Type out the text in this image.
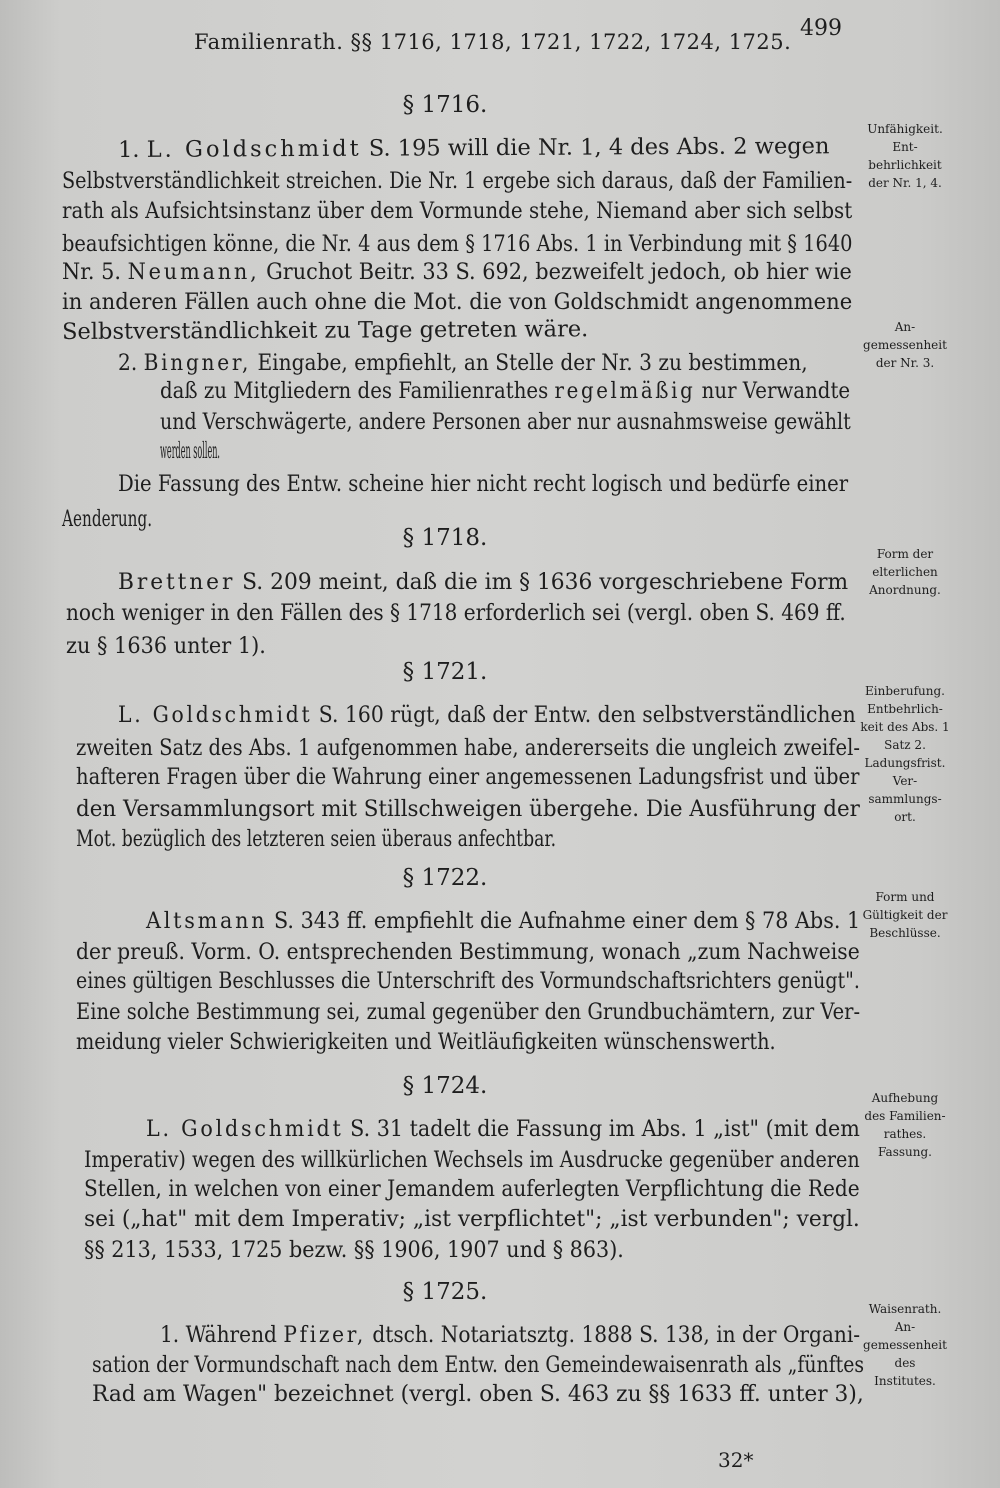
Familienrath. §§ 1716, 1718, 1721, 1722, 1724, 1725.
499
§ 1716.
1. L. Goldschmidt S. 195 will die Nr. 1, 4 des Abs. 2 wegen
Selbstverständlichkeit streichen. Die Nr. 1 ergebe sich daraus, daß der Familien-
rath als Aufsichtsinstanz über dem Vormunde stehe, Niemand aber sich selbst
beaufsichtigen könne, die Nr. 4 aus dem § 1716 Abs. 1 in Verbindung mit § 1640
Nr. 5. Neumann, Gruchot Beitr. 33 S. 692, bezweifelt jedoch, ob hier wie
in anderen Fällen auch ohne die Mot. die von Goldschmidt angenommene
Selbstverständlichkeit zu Tage getreten wäre.
2. Bingner, Eingabe, empfiehlt, an Stelle der Nr. 3 zu bestimmen,
daß zu Mitgliedern des Familienrathes regelmäßig nur Verwandte
und Verschwägerte, andere Personen aber nur ausnahmsweise gewählt
werden sollen.
Die Fassung des Entw. scheine hier nicht recht logisch und bedürfe einer
Aenderung.
§ 1718.
Brettner S. 209 meint, daß die im § 1636 vorgeschriebene Form
noch weniger in den Fällen des § 1718 erforderlich sei (vergl. oben S. 469 ff.
zu § 1636 unter 1).
§ 1721.
L. Goldschmidt S. 160 rügt, daß der Entw. den selbstverständlichen
zweiten Satz des Abs. 1 aufgenommen habe, andererseits die ungleich zweifel-
hafteren Fragen über die Wahrung einer angemessenen Ladungsfrist und über
den Versammlungsort mit Stillschweigen übergehe. Die Ausführung der
Mot. bezüglich des letzteren seien überaus anfechtbar.
§ 1722.
Altsmann S. 343 ff. empfiehlt die Aufnahme einer dem § 78 Abs. 1
der preuß. Vorm. O. entsprechenden Bestimmung, wonach „zum Nachweise
eines gültigen Beschlusses die Unterschrift des Vormundschaftsrichters genügt".
Eine solche Bestimmung sei, zumal gegenüber den Grundbuchämtern, zur Ver-
meidung vieler Schwierigkeiten und Weitläufigkeiten wünschenswerth.
§ 1724.
L. Goldschmidt S. 31 tadelt die Fassung im Abs. 1 „ist" (mit dem
Imperativ) wegen des willkürlichen Wechsels im Ausdrucke gegenüber anderen
Stellen, in welchen von einer Jemandem auferlegten Verpflichtung die Rede
sei („hat" mit dem Imperativ; „ist verpflichtet"; „ist verbunden"; vergl.
§§ 213, 1533, 1725 bezw. §§ 1906, 1907 und § 863).
§ 1725.
1. Während Pfizer, dtsch. Notariatsztg. 1888 S. 138, in der Organi-
sation der Vormundschaft nach dem Entw. den Gemeindewaisenrath als „fünftes
Rad am Wagen" bezeichnet (vergl. oben S. 463 zu §§ 1633 ff. unter 3),
Unfähigkeit.
Ent-
behrlichkeit
der Nr. 1, 4.
An-
gemessenheit
der Nr. 3.
Form der
elterlichen
Anordnung.
Einberufung.
Entbehrlich-
keit des Abs. 1
Satz 2.
Ladungsfrist.
Ver-
sammlungs-
ort.
Form und
Gültigkeit der
Beschlüsse.
Aufhebung
des Familien-
rathes.
Fassung.
Waisenrath.
An-
gemessenheit
des
Institutes.
32*
